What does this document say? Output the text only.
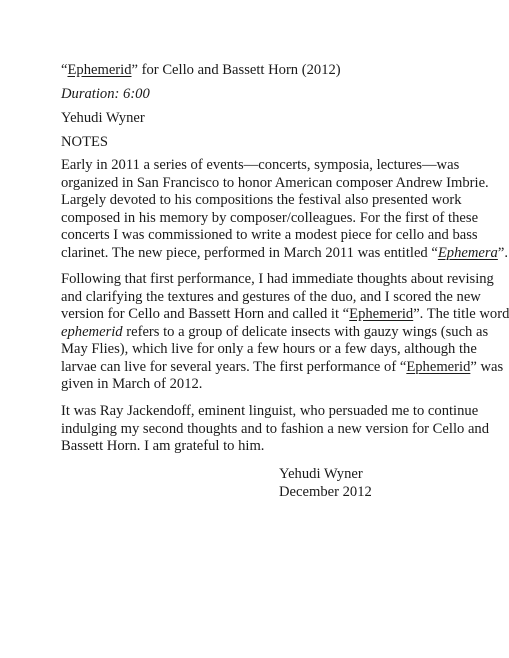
“Ephemerid” for Cello and Bassett Horn (2012)
Duration: 6:00
Yehudi Wyner
NOTES
Early in 2011 a series of events—concerts, symposia, lectures—was
organized in San Francisco to honor American composer Andrew Imbrie.
Largely devoted to his compositions the festival also presented work
composed in his memory by composer/colleagues. For the first of these
concerts I was commissioned to write a modest piece for cello and bass
clarinet. The new piece, performed in March 2011 was entitled “Ephemera”.
Following that first performance, I had immediate thoughts about revising
and clarifying the textures and gestures of the duo, and I scored the new
version for Cello and Bassett Horn and called it “Ephemerid”. The title word
ephemerid refers to a group of delicate insects with gauzy wings (such as
May Flies), which live for only a few hours or a few days, although the
larvae can live for several years. The first performance of “Ephemerid” was
given in March of 2012.
It was Ray Jackendoff, eminent linguist, who persuaded me to continue
indulging my second thoughts and to fashion a new version for Cello and
Bassett Horn. I am grateful to him.
Yehudi Wyner
December 2012
